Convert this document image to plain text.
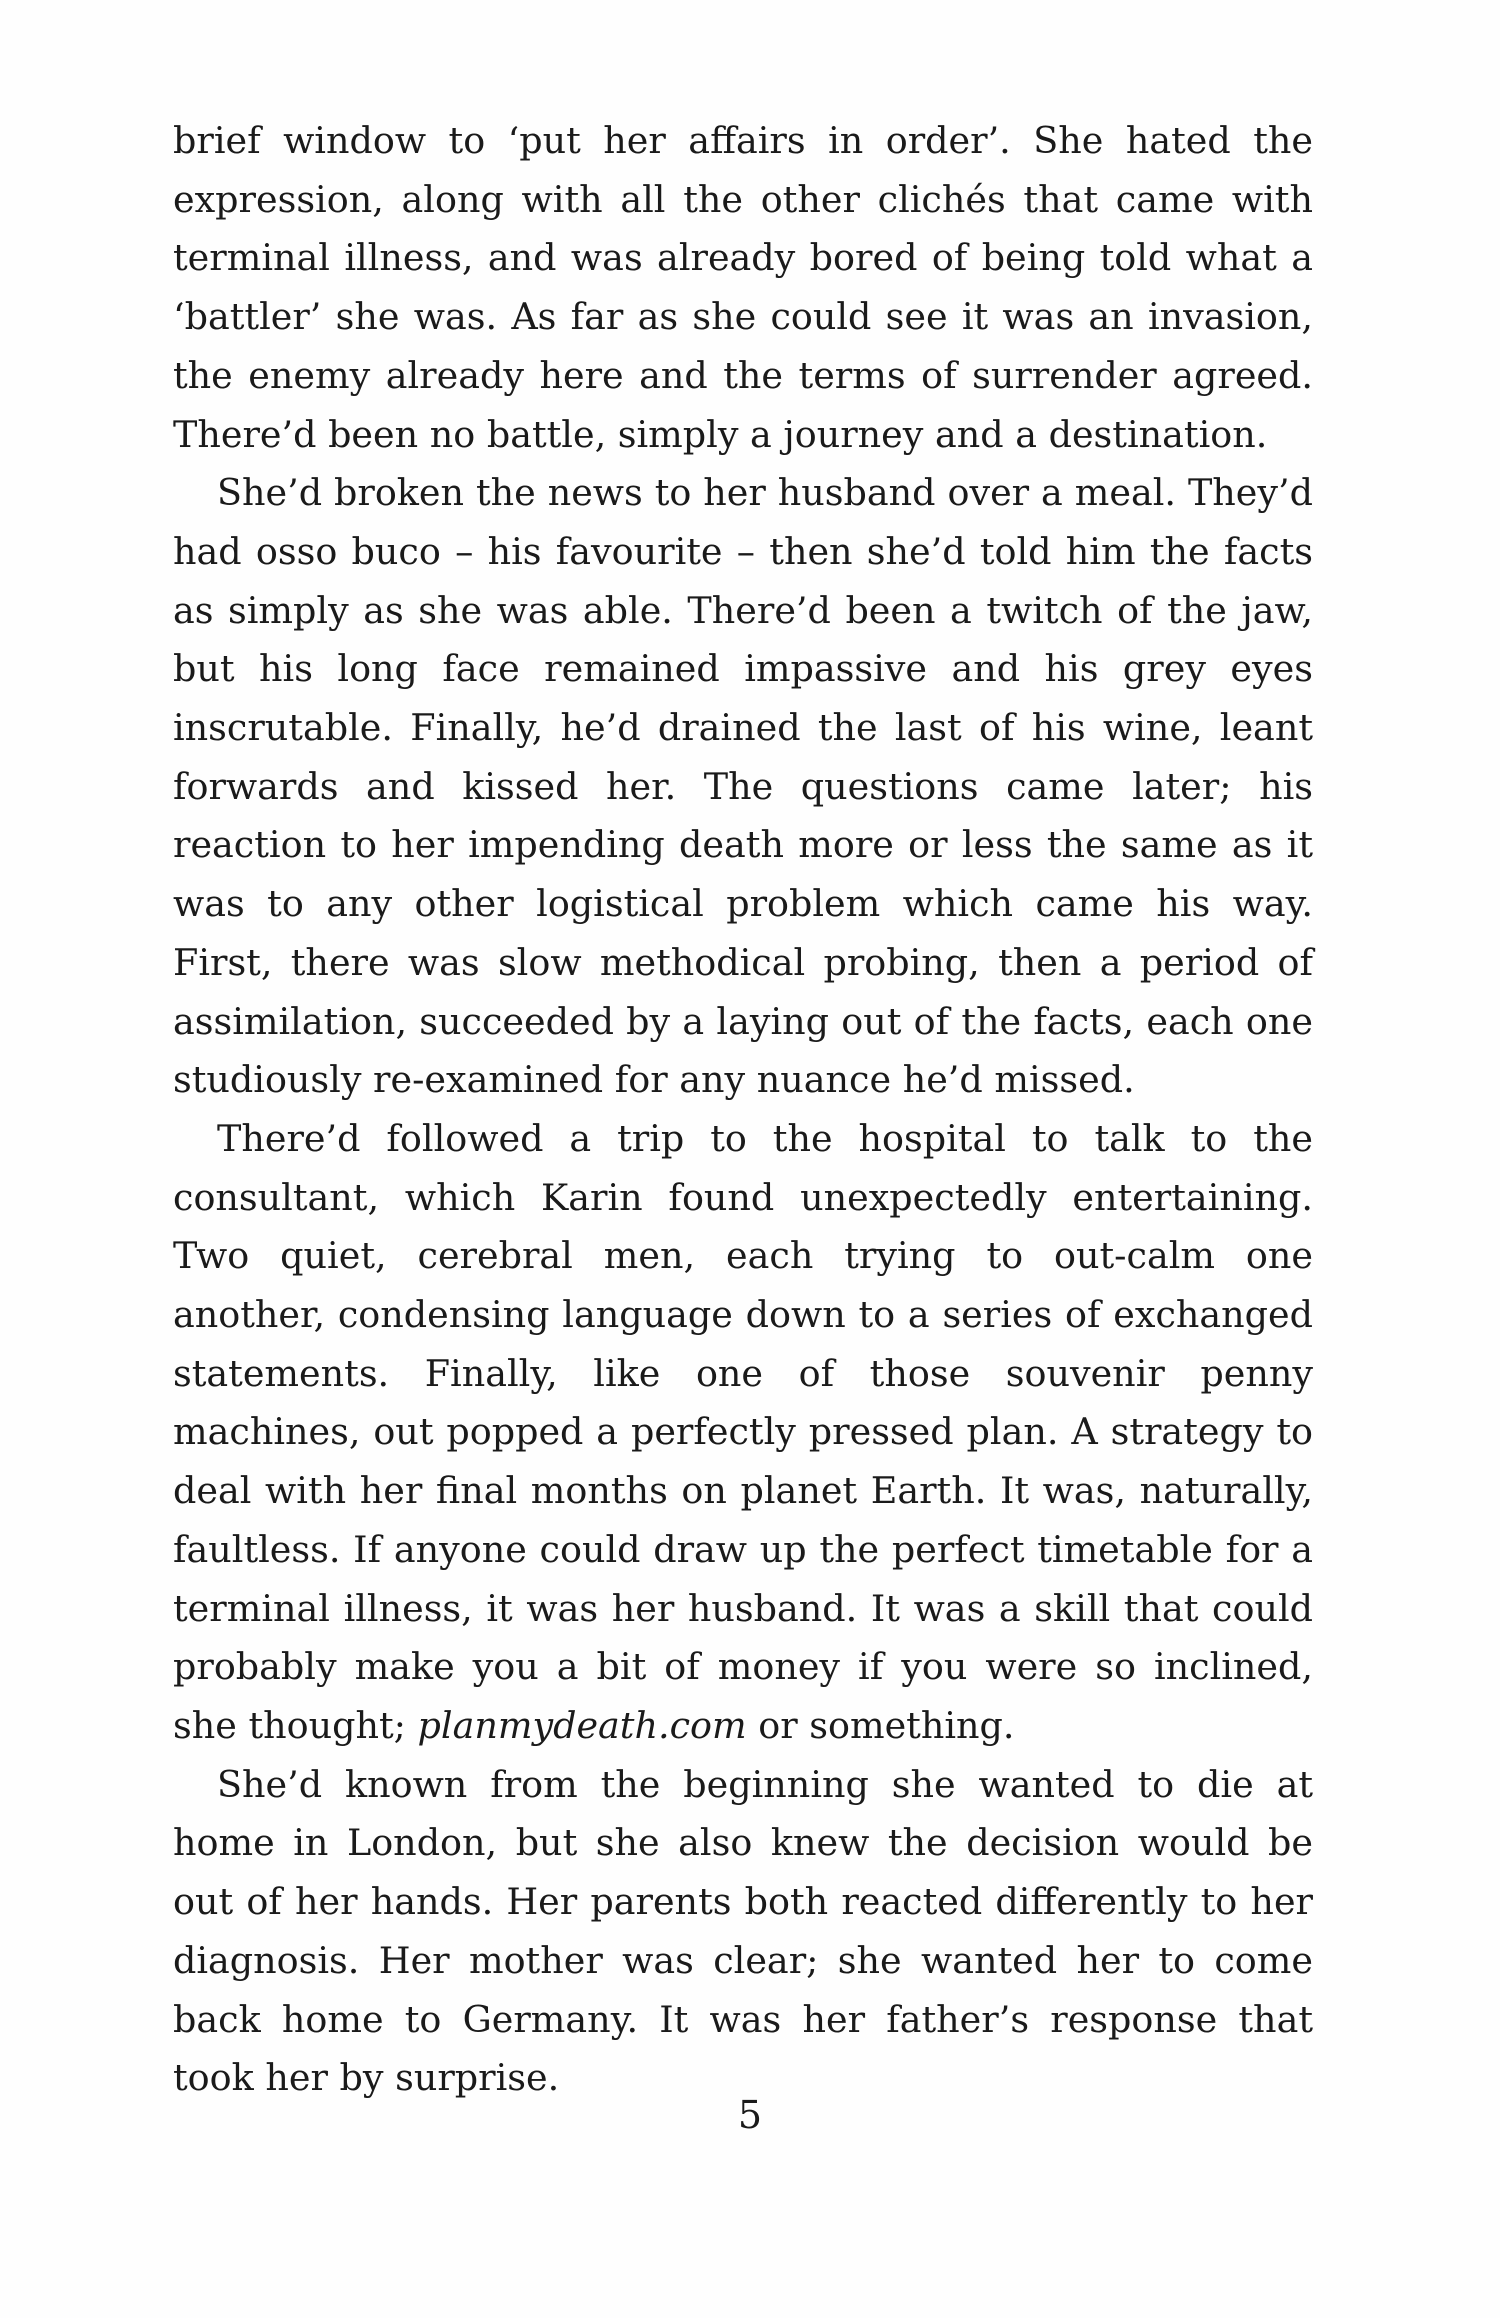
brief window to ‘put her affairs in order’. She hated the expression, along with all the other clichés that came with terminal illness, and was already bored of being told what a ‘battler’ she was. As far as she could see it was an invasion, the enemy already here and the terms of surrender agreed. There’d been no battle, simply a journey and a destination.

She’d broken the news to her husband over a meal. They’d had osso buco – his favourite – then she’d told him the facts as simply as she was able. There’d been a twitch of the jaw, but his long face remained impassive and his grey eyes inscrutable. Finally, he’d drained the last of his wine, leant forwards and kissed her. The questions came later; his reaction to her impending death more or less the same as it was to any other logistical problem which came his way. First, there was slow methodical probing, then a period of assimilation, succeeded by a laying out of the facts, each one studiously re-examined for any nuance he’d missed.

There’d followed a trip to the hospital to talk to the consultant, which Karin found unexpectedly entertaining. Two quiet, cerebral men, each trying to out-calm one another, condensing language down to a series of exchanged statements. Finally, like one of those souvenir penny machines, out popped a perfectly pressed plan. A strategy to deal with her final months on planet Earth. It was, naturally, faultless. If anyone could draw up the perfect timetable for a terminal illness, it was her husband. It was a skill that could probably make you a bit of money if you were so inclined, she thought; planmydeath.com or something.

She’d known from the beginning she wanted to die at home in London, but she also knew the decision would be out of her hands. Her parents both reacted differently to her diagnosis. Her mother was clear; she wanted her to come back home to Germany. It was her father’s response that took her by surprise.

5
